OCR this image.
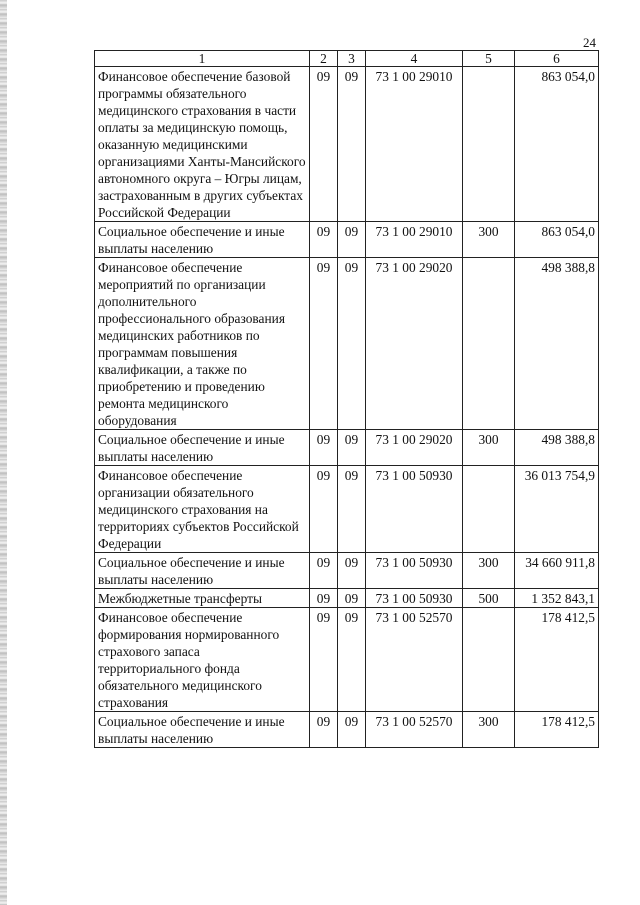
24
1	2	3	4	5	6
Финансовое обеспечение базовой программы обязательного медицинского страхования в части оплаты за медицинскую помощь, оказанную медицинскими организациями Ханты-Мансийского автономного округа – Югры лицам, застрахованным в других субъектах Российской Федерации	09	09	73 1 00 29010		863 054,0
Социальное обеспечение и иные выплаты населению	09	09	73 1 00 29010	300	863 054,0
Финансовое обеспечение мероприятий по организации дополнительного профессионального образования медицинских работников по программам повышения квалификации, а также по приобретению и проведению ремонта медицинского оборудования	09	09	73 1 00 29020		498 388,8
Социальное обеспечение и иные выплаты населению	09	09	73 1 00 29020	300	498 388,8
Финансовое обеспечение организации обязательного медицинского страхования на территориях субъектов Российской Федерации	09	09	73 1 00 50930		36 013 754,9
Социальное обеспечение и иные выплаты населению	09	09	73 1 00 50930	300	34 660 911,8
Межбюджетные трансферты	09	09	73 1 00 50930	500	1 352 843,1
Финансовое обеспечение формирования нормированного страхового запаса территориального фонда обязательного медицинского страхования	09	09	73 1 00 52570		178 412,5
Социальное обеспечение и иные выплаты населению	09	09	73 1 00 52570	300	178 412,5
